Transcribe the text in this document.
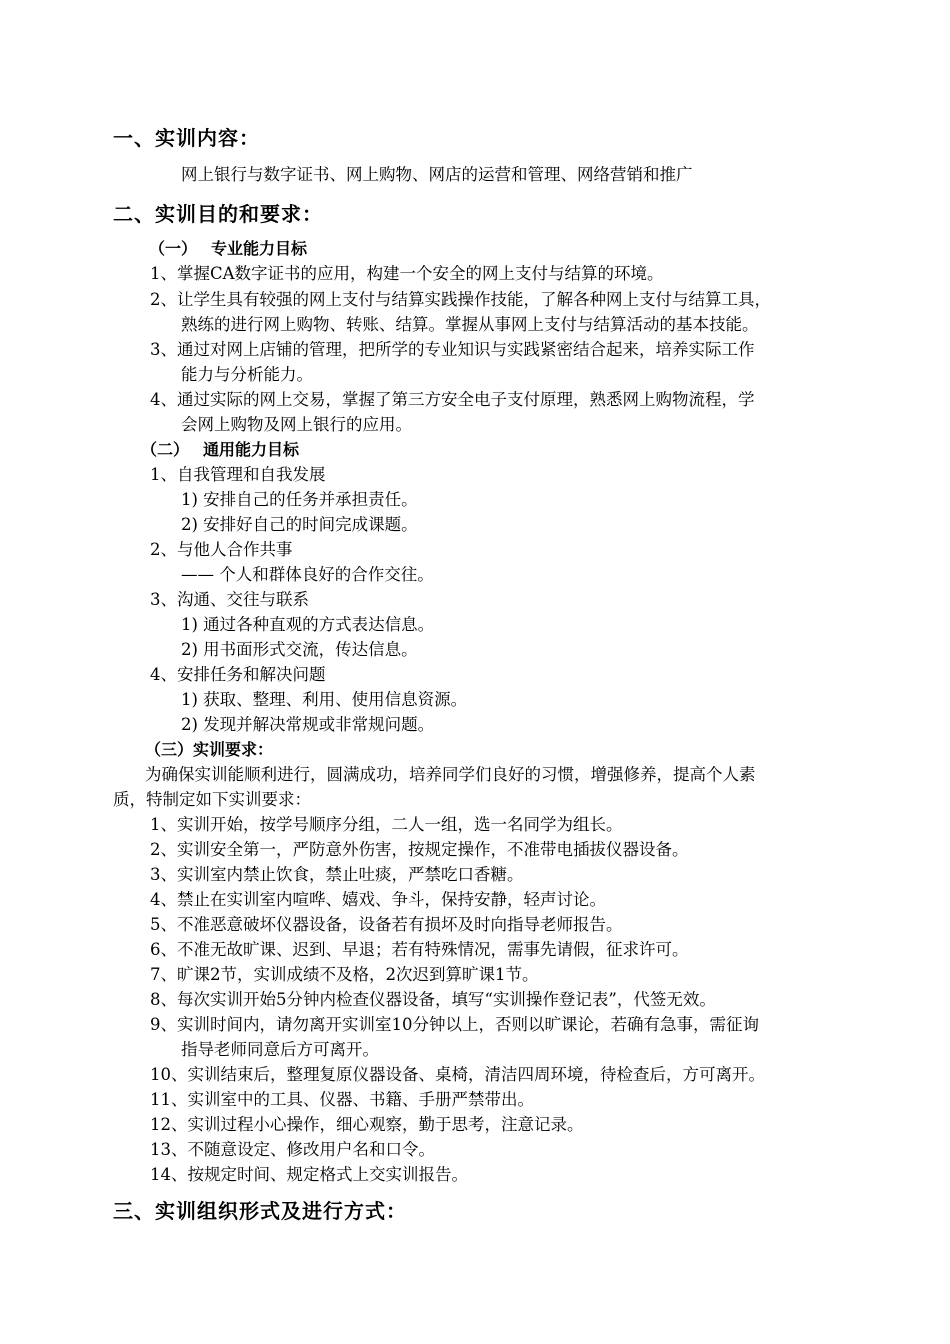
一、实训内容：
网上银行与数字证书、网上购物、网店的运营和管理、网络营销和推广
二、实训目的和要求：
（一） 专业能力目标
1、掌握CA数字证书的应用，构建一个安全的网上支付与结算的环境。
2、让学生具有较强的网上支付与结算实践操作技能，了解各种网上支付与结算工具，
熟练的进行网上购物、转账、结算。掌握从事网上支付与结算活动的基本技能。
3、通过对网上店铺的管理，把所学的专业知识与实践紧密结合起来，培养实际工作
能力与分析能力。
4、通过实际的网上交易，掌握了第三方安全电子支付原理，熟悉网上购物流程，学
会网上购物及网上银行的应用。
（二） 通用能力目标
1、自我管理和自我发展
1) 安排自己的任务并承担责任。
2) 安排好自己的时间完成课题。
2、与他人合作共事
—— 个人和群体良好的合作交往。
3、沟通、交往与联系
1) 通过各种直观的方式表达信息。
2) 用书面形式交流，传达信息。
4、安排任务和解决问题
1) 获取、整理、利用、使用信息资源。
2) 发现并解决常规或非常规问题。
（三）实训要求：
为确保实训能顺利进行，圆满成功，培养同学们良好的习惯，增强修养，提高个人素
质，特制定如下实训要求：
1、实训开始，按学号顺序分组，二人一组，选一名同学为组长。
2、实训安全第一，严防意外伤害，按规定操作，不准带电插拔仪器设备。
3、实训室内禁止饮食，禁止吐痰，严禁吃口香糖。
4、禁止在实训室内喧哗、嬉戏、争斗，保持安静，轻声讨论。
5、不准恶意破坏仪器设备，设备若有损坏及时向指导老师报告。
6、不准无故旷课、迟到、早退；若有特殊情况，需事先请假，征求许可。
7、旷课2节，实训成绩不及格，2次迟到算旷课1节。
8、每次实训开始5分钟内检查仪器设备，填写“实训操作登记表”，代签无效。
9、实训时间内，请勿离开实训室10分钟以上，否则以旷课论，若确有急事，需征询
指导老师同意后方可离开。
10、实训结束后，整理复原仪器设备、桌椅，清洁四周环境，待检查后，方可离开。
11、实训室中的工具、仪器、书籍、手册严禁带出。
12、实训过程小心操作，细心观察，勤于思考，注意记录。
13、不随意设定、修改用户名和口令。
14、按规定时间、规定格式上交实训报告。
三、实训组织形式及进行方式：
